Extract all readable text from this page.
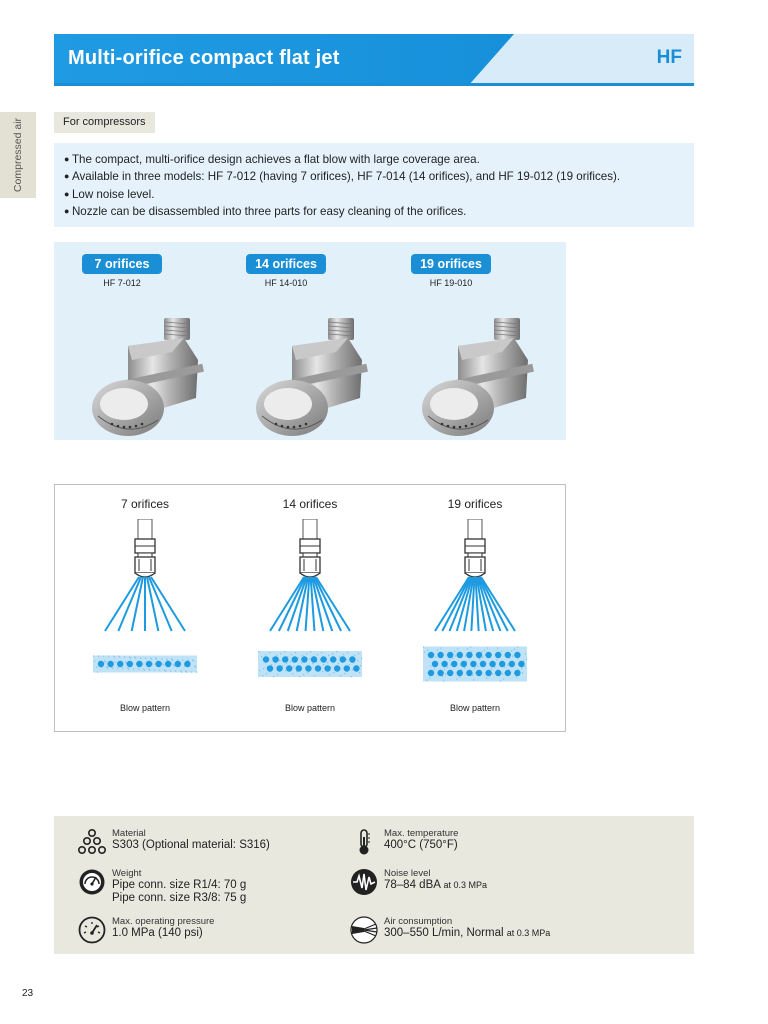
Multi-orifice compact flat jet	HF
Compressed air	For compressors
● The compact, multi-orifice design achieves a flat blow with large coverage area.
● Available in three models: HF 7-012 (having 7 orifices), HF 7-014 (14 orifices), and HF 19-012 (19 orifices).
● Low noise level.
● Nozzle can be disassembled into three parts for easy cleaning of the orifices.
7 orifices
HF 7-012
14 orifices
HF 14-010
19 orifices
HF 19-010
7 orifices	14 orifices	19 orifices
Blow pattern	Blow pattern	Blow pattern
Material
S303 (Optional material: S316)
Weight
Pipe conn. size R1/4: 70 g
Pipe conn. size R3/8: 75 g
Max. operating pressure
1.0 MPa (140 psi)
Max. temperature
400°C (750°F)
Noise level
78–84 dBA at 0.3 MPa
Air consumption
300–550 L/min, Normal at 0.3 MPa
23
